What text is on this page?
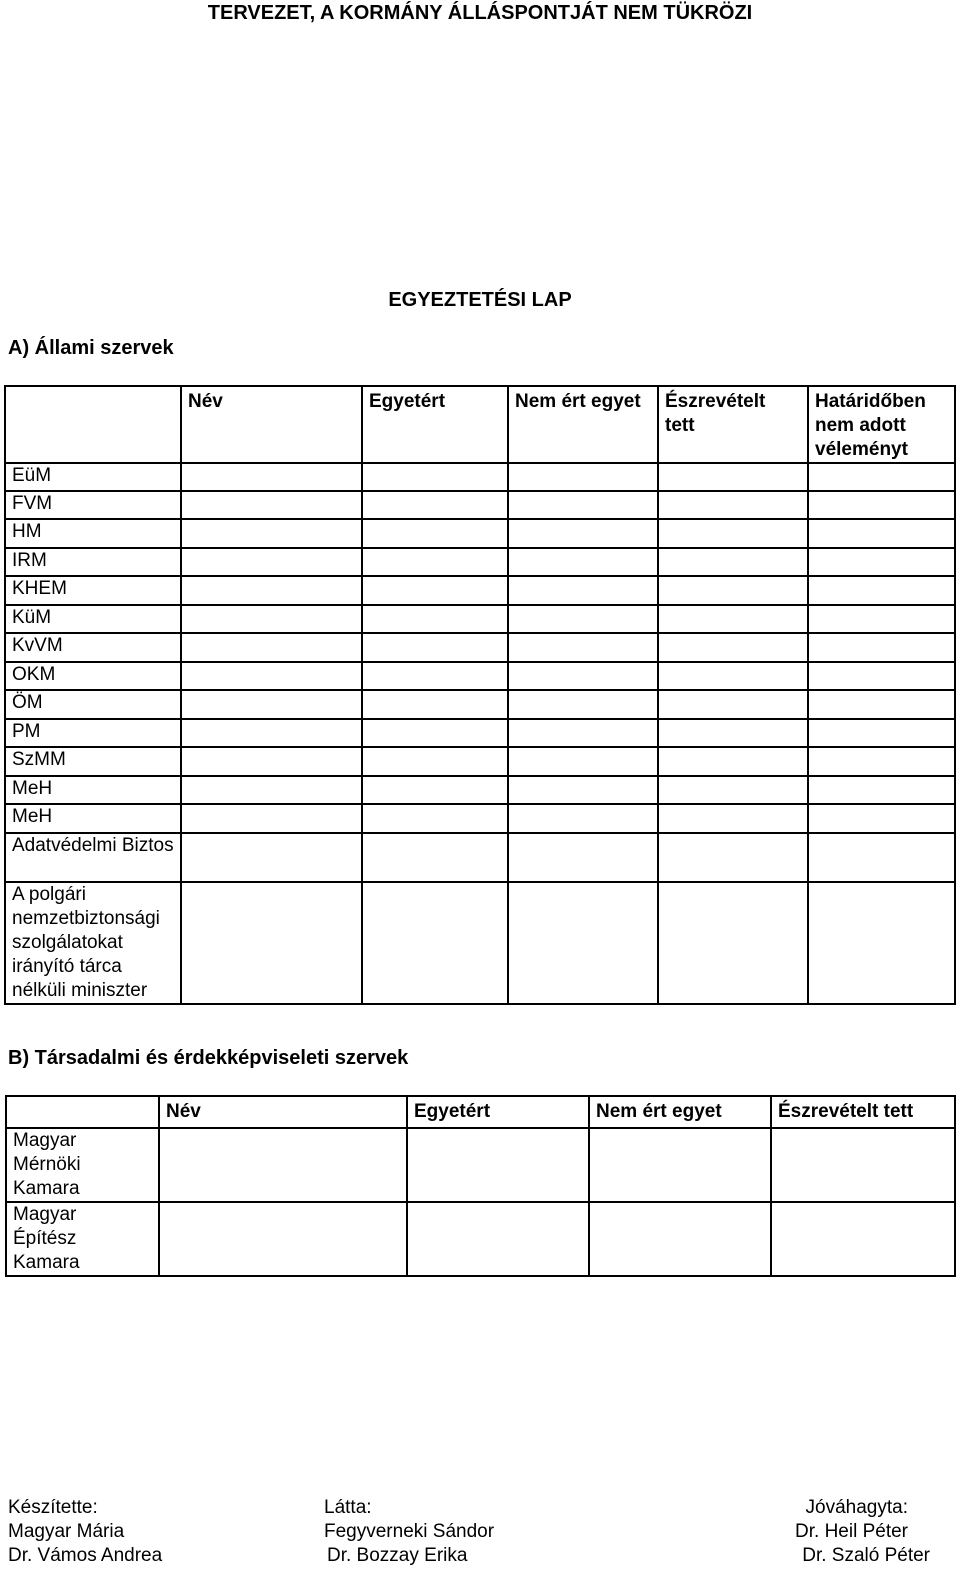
TERVEZET, A KORMÁNY ÁLLÁSPONTJÁT NEM TÜKRÖZI
EGYEZTETÉSI LAP
A) Állami szervek
	Név	Egyetért	Nem ért egyet	Észrevételt tett	Határidőben nem adott véleményt
EüM					
FVM					
HM					
IRM					
KHEM					
KüM					
KvVM					
OKM					
ÖM					
PM					
SzMM					
MeH					
MeH					
Adatvédelmi Biztos					
A polgári nemzetbiztonsági szolgálatokat irányító tárca nélküli miniszter					
B) Társadalmi és érdekképviseleti szervek
	Név	Egyetért	Nem ért egyet	Észrevételt tett
Magyar Mérnöki Kamara				
Magyar Építész Kamara				
Készítette:
Magyar Mária
Dr. Vámos Andrea
Látta:
Fegyverneki Sándor
Dr. Bozzay Erika
Jóváhagyta:
Dr. Heil Péter
Dr. Szaló Péter
